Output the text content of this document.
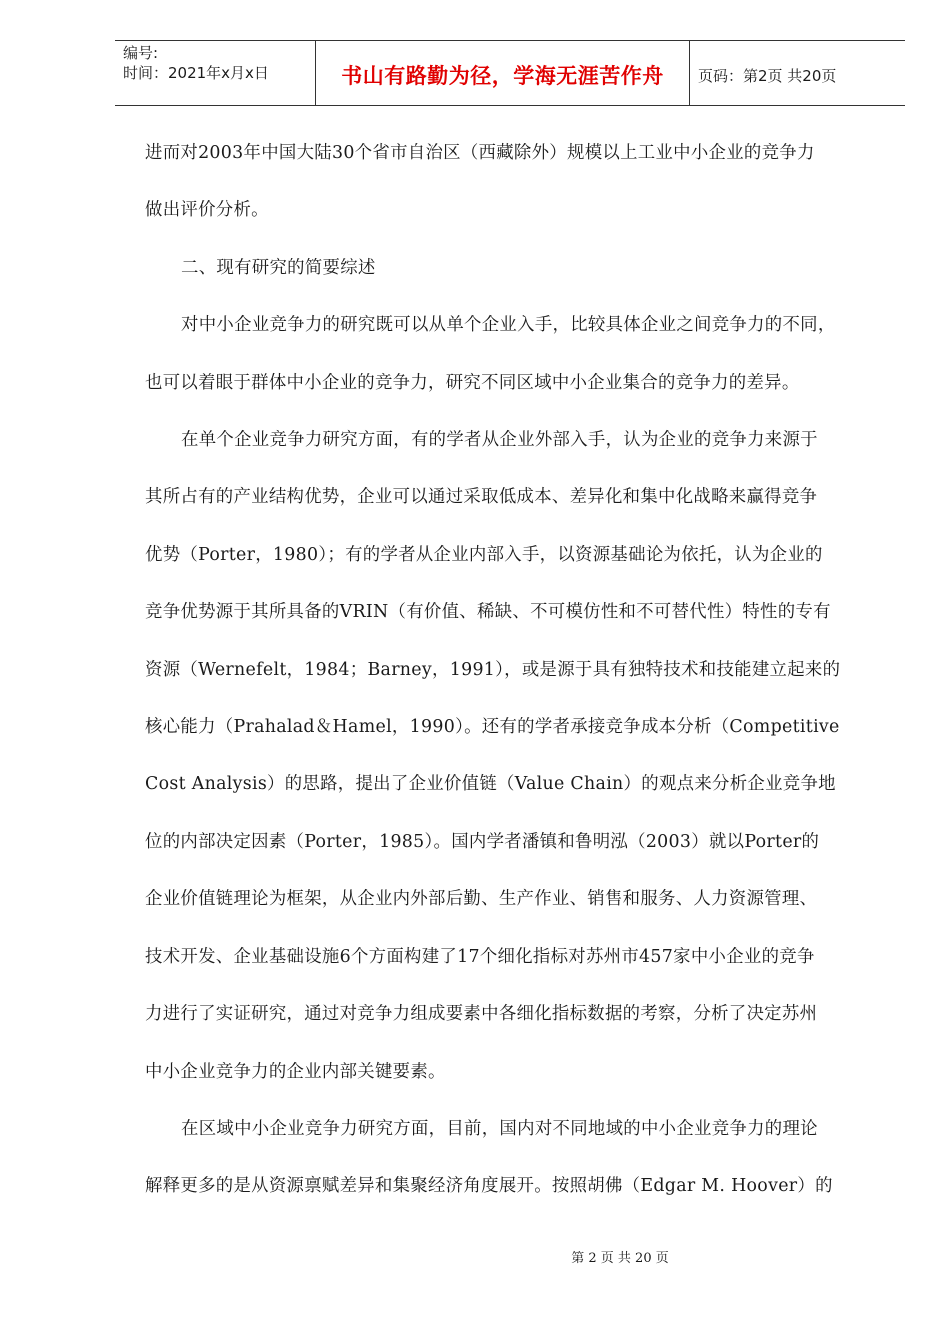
编号:
时间：2021年x月x日	书山有路勤为径，学海无涯苦作舟 页码：第2页 共20页

进而对2003年中国大陆30个省市自治区（西藏除外）规模以上工业中小企业的竞争力

做出评价分析。

二、现有研究的简要综述

对中小企业竞争力的研究既可以从单个企业入手，比较具体企业之间竞争力的不同，

也可以着眼于群体中小企业的竞争力，研究不同区域中小企业集合的竞争力的差异。

在单个企业竞争力研究方面，有的学者从企业外部入手，认为企业的竞争力来源于

其所占有的产业结构优势，企业可以通过采取低成本、差异化和集中化战略来赢得竞争

优势（Porter，1980）；有的学者从企业内部入手，以资源基础论为依托，认为企业的

竞争优势源于其所具备的VRIN（有价值、稀缺、不可模仿性和不可替代性）特性的专有

资源（Wernefelt，1984；Barney，1991），或是源于具有独特技术和技能建立起来的

核心能力（Prahalad＆Hamel，1990）。还有的学者承接竞争成本分析（Competitive

Cost Analysis）的思路，提出了企业价值链（Value Chain）的观点来分析企业竞争地

位的内部决定因素（Porter，1985）。国内学者潘镇和鲁明泓（2003）就以Porter的

企业价值链理论为框架，从企业内外部后勤、生产作业、销售和服务、人力资源管理、

技术开发、企业基础设施6个方面构建了17个细化指标对苏州市457家中小企业的竞争

力进行了实证研究，通过对竞争力组成要素中各细化指标数据的考察，分析了决定苏州

中小企业竞争力的企业内部关键要素。

在区域中小企业竞争力研究方面，目前，国内对不同地域的中小企业竞争力的理论

解释更多的是从资源禀赋差异和集聚经济角度展开。按照胡佛（Edgar M. Hoover）的

第 2 页 共 20 页
